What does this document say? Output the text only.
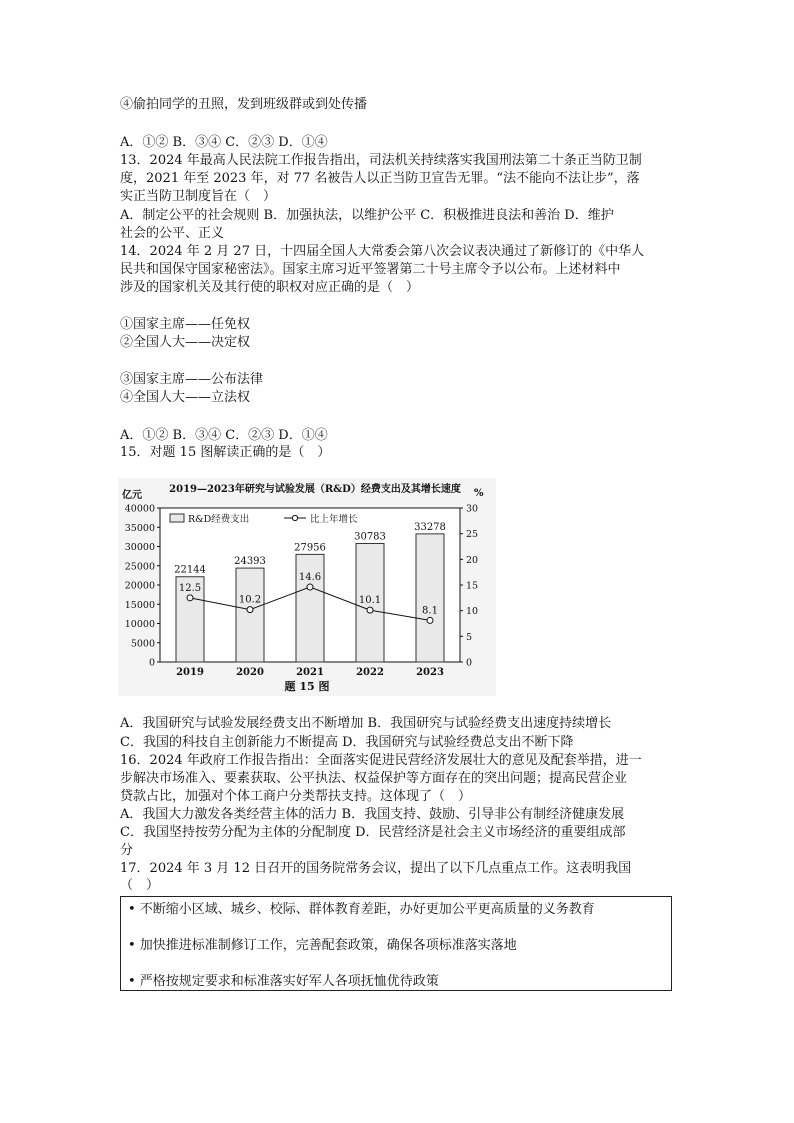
④偷拍同学的丑照，发到班级群或到处传播
A．①② B．③④ C．②③ D．①④
13．2024 年最高人民法院工作报告指出，司法机关持续落实我国刑法第二十条正当防卫制
度，2021 年至 2023 年，对 77 名被告人以正当防卫宣告无罪。“法不能向不法让步”，落
实正当防卫制度旨在（　）
A．制定公平的社会规则 B．加强执法，以维护公平 C．积极推进良法和善治 D．维护
社会的公平、正义
14．2024 年 2 月 27 日，十四届全国人大常委会第八次会议表决通过了新修订的《中华人
民共和国保守国家秘密法》。国家主席习近平签署第二十号主席令予以公布。上述材料中
涉及的国家机关及其行使的职权对应正确的是（　）
①国家主席——任免权
②全国人大——决定权
③国家主席——公布法律
④全国人大——立法权
A．①② B．③④ C．②③ D．①④
15．对题 15 图解读正确的是（　）
2019—2023年研究与试验发展（R&D）经费支出及其增长速度
亿元	%
40000
35000
30000
25000
20000
15000
10000
5000
0
30
25
20
15
10
5
0
R&D经费支出	比上年增长
22144
2019
24393
2020
27956
2021
30783
2022
33278
2023
12.5
10.2
14.6
10.1
8.1
题 15 图
A．我国研究与试验发展经费支出不断增加 B．我国研究与试验经费支出速度持续增长
C．我国的科技自主创新能力不断提高 D．我国研究与试验经费总支出不断下降
16．2024 年政府工作报告指出：全面落实促进民营经济发展壮大的意见及配套举措，进一
步解决市场准入、要素获取、公平执法、权益保护等方面存在的突出问题；提高民营企业
贷款占比，加强对个体工商户分类帮扶支持。这体现了（　）
A．我国大力激发各类经营主体的活力 B．我国支持、鼓励、引导非公有制经济健康发展
C．我国坚持按劳分配为主体的分配制度 D．民营经济是社会主义市场经济的重要组成部
分
17．2024 年 3 月 12 日召开的国务院常务会议，提出了以下几点重点工作。这表明我国
（　）
• 不断缩小区域、城乡、校际、群体教育差距，办好更加公平更高质量的义务教育
• 加快推进标准制修订工作，完善配套政策，确保各项标准落实落地
• 严格按规定要求和标准落实好军人各项抚恤优待政策
